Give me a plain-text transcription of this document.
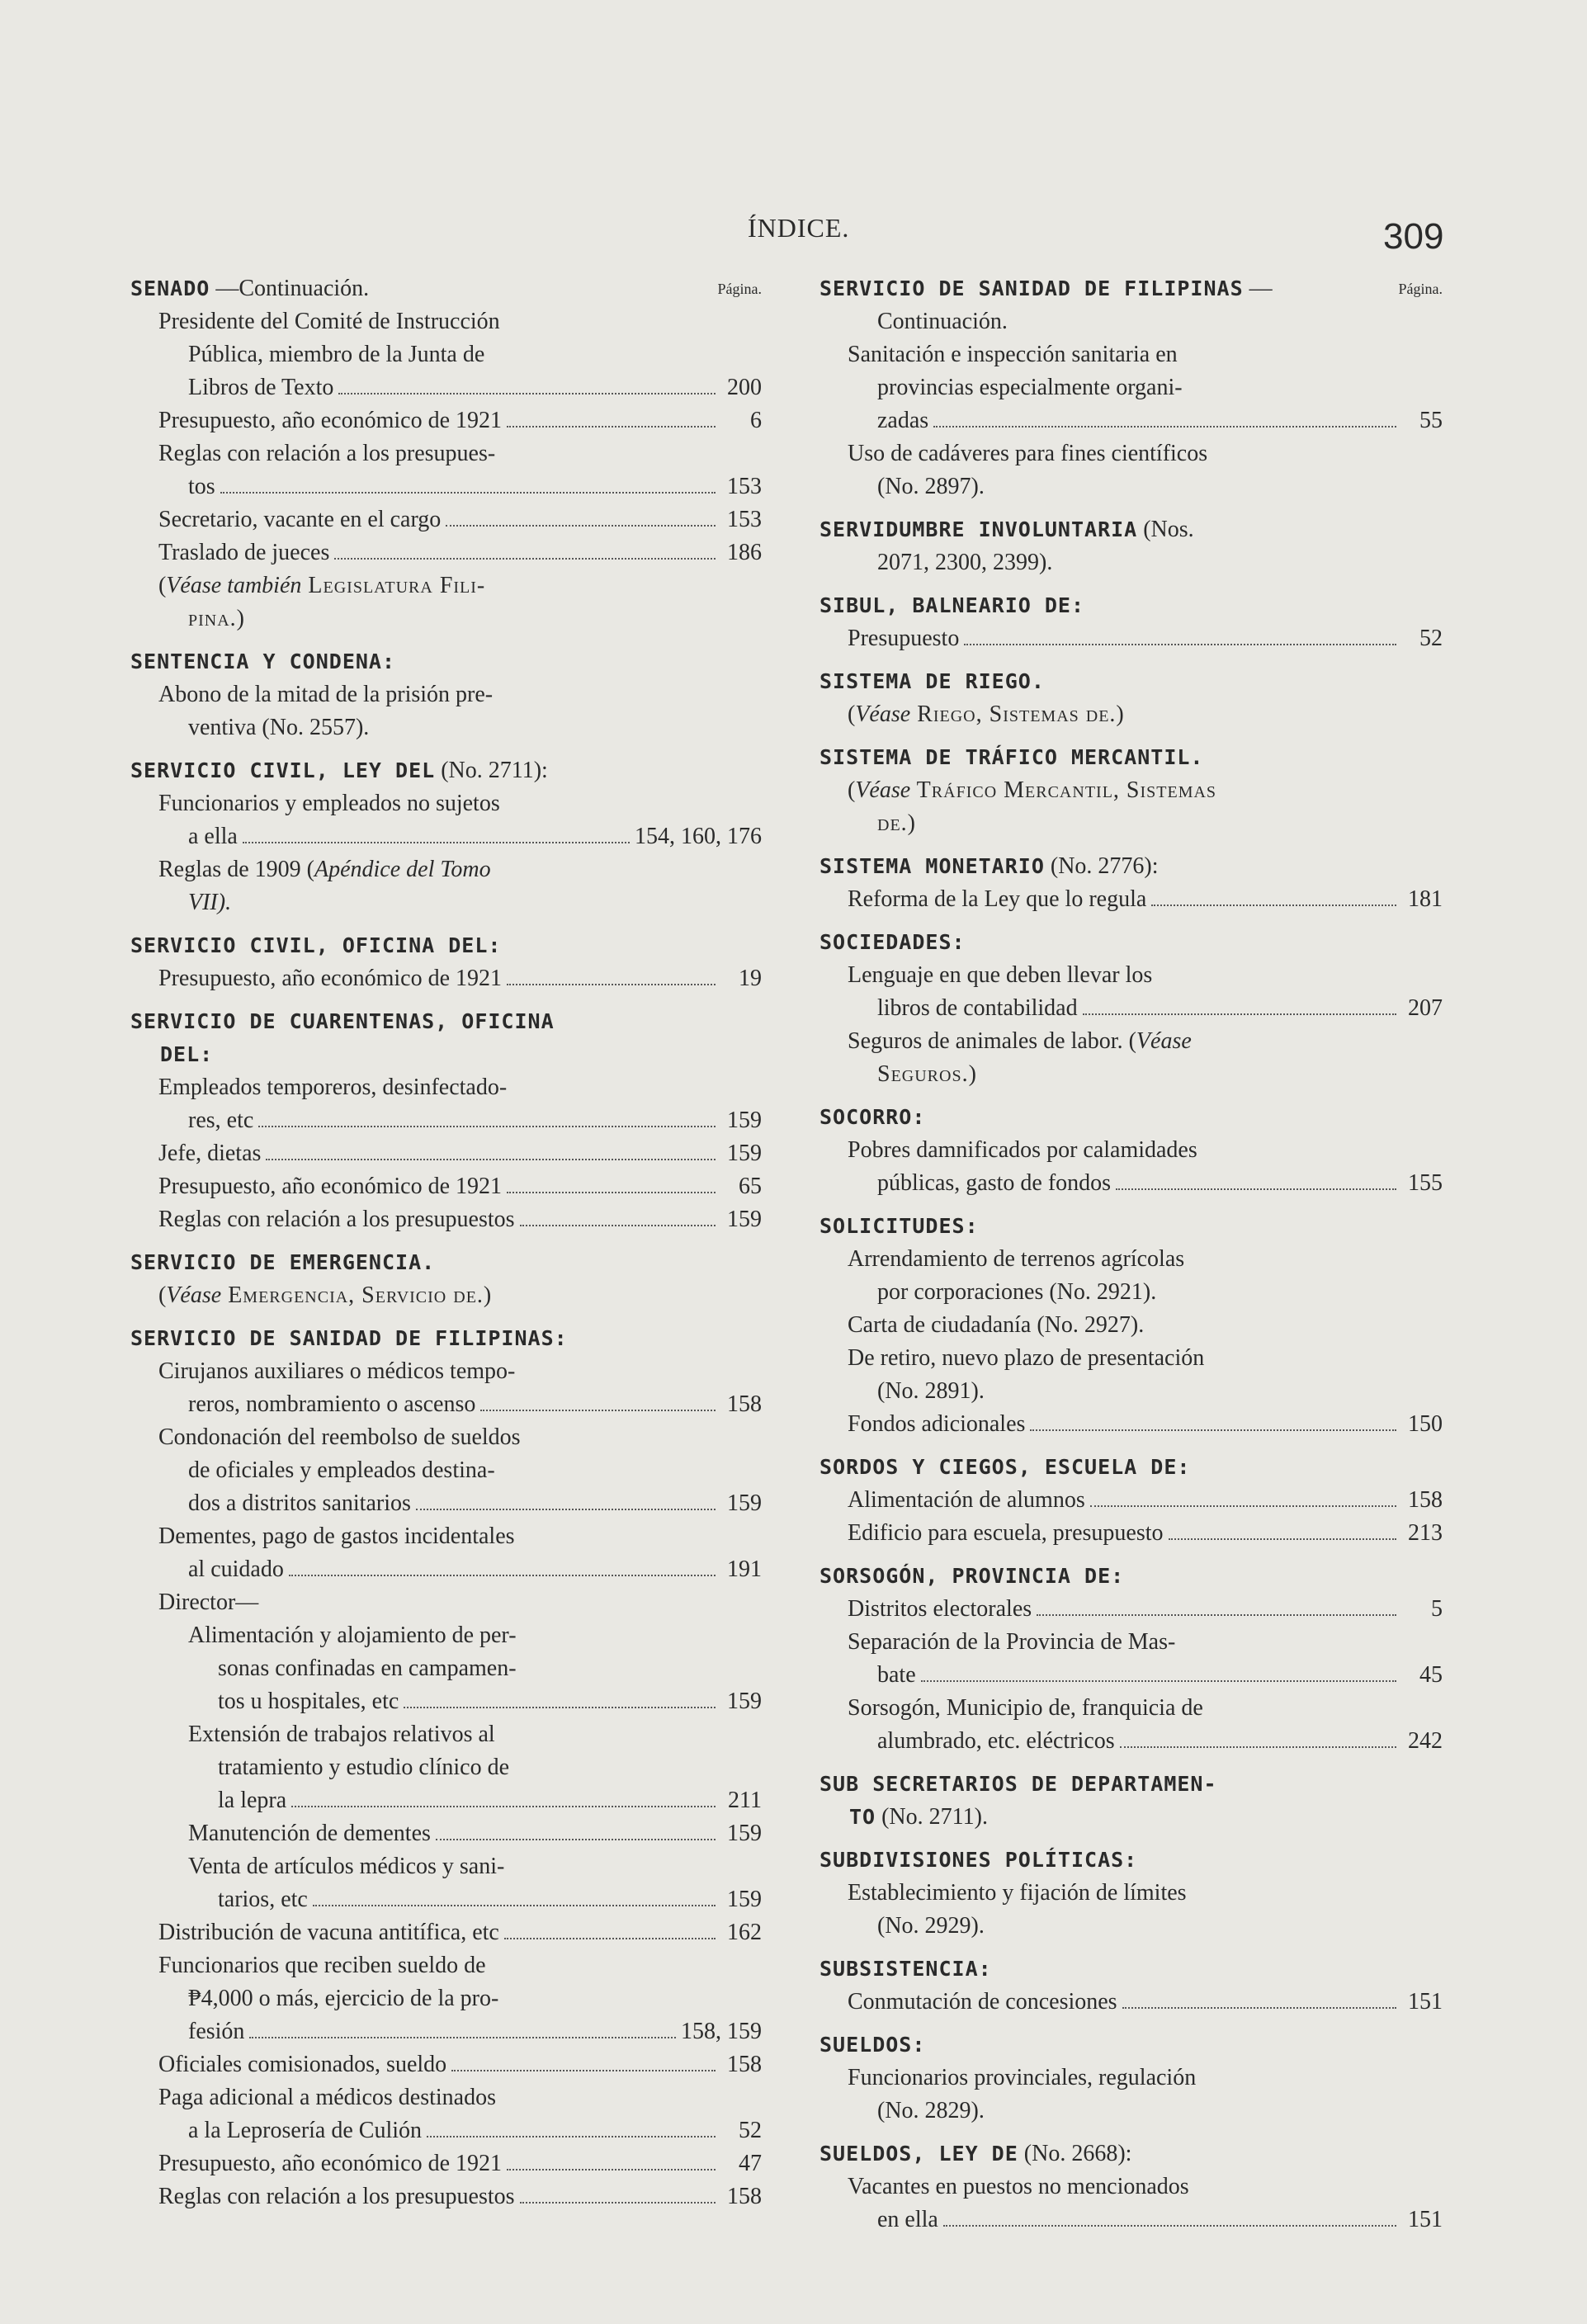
ÍNDICE.	309
SENADO —Continuación.	Página.
Presidente del Comité de Instrucción
Pública, miembro de la Junta de
Libros de Texto	200
Presupuesto, año económico de 1921	6
Reglas con relación a los presupues-
tos	153
Secretario, vacante en el cargo	153
Traslado de jueces	186
(Véase también Legislatura Fili-
pina.)
SENTENCIA Y CONDENA:
Abono de la mitad de la prisión pre-
ventiva (No. 2557).
SERVICIO CIVIL, LEY DEL (No. 2711):
Funcionarios y empleados no sujetos
a ella	154, 160, 176
Reglas de 1909 (Apéndice del Tomo
VII).
SERVICIO CIVIL, OFICINA DEL:
Presupuesto, año económico de 1921	19
SERVICIO DE CUARENTENAS, OFICINA
DEL:
Empleados temporeros, desinfectado-
res, etc	159
Jefe, dietas	159
Presupuesto, año económico de 1921	65
Reglas con relación a los presupuestos	159
SERVICIO DE EMERGENCIA.
(Véase Emergencia, Servicio de.)
SERVICIO DE SANIDAD DE FILIPINAS:
Cirujanos auxiliares o médicos tempo-
reros, nombramiento o ascenso	158
Condonación del reembolso de sueldos
de oficiales y empleados destina-
dos a distritos sanitarios	159
Dementes, pago de gastos incidentales
al cuidado	191
Director—
Alimentación y alojamiento de per-
sonas confinadas en campamen-
tos u hospitales, etc	159
Extensión de trabajos relativos al
tratamiento y estudio clínico de
la lepra	211
Manutención de dementes	159
Venta de artículos médicos y sani-
tarios, etc	159
Distribución de vacuna antitífica, etc	162
Funcionarios que reciben sueldo de
₱4,000 o más, ejercicio de la pro-
fesión	158, 159
Oficiales comisionados, sueldo	158
Paga adicional a médicos destinados
a la Leprosería de Culión	52
Presupuesto, año económico de 1921	47
Reglas con relación a los presupuestos	158
SERVICIO DE SANIDAD DE FILIPINAS —	Página.
Continuación.
Sanitación e inspección sanitaria en
provincias especialmente organi-
zadas	55
Uso de cadáveres para fines científicos
(No. 2897).
SERVIDUMBRE INVOLUNTARIA (Nos.
2071, 2300, 2399).
SIBUL, BALNEARIO DE:
Presupuesto	52
SISTEMA DE RIEGO.
(Véase Riego, Sistemas de.)
SISTEMA DE TRÁFICO MERCANTIL.
(Véase Tráfico Mercantil, Sistemas
de.)
SISTEMA MONETARIO (No. 2776):
Reforma de la Ley que lo regula	181
SOCIEDADES:
Lenguaje en que deben llevar los
libros de contabilidad	207
Seguros de animales de labor. (Véase
Seguros.)
SOCORRO:
Pobres damnificados por calamidades
públicas, gasto de fondos	155
SOLICITUDES:
Arrendamiento de terrenos agrícolas
por corporaciones (No. 2921).
Carta de ciudadanía (No. 2927).
De retiro, nuevo plazo de presentación
(No. 2891).
Fondos adicionales	150
SORDOS Y CIEGOS, ESCUELA DE:
Alimentación de alumnos	158
Edificio para escuela, presupuesto	213
SORSOGÓN, PROVINCIA DE:
Distritos electorales	5
Separación de la Provincia de Mas-
bate	45
Sorsogón, Municipio de, franquicia de
alumbrado, etc. eléctricos	242
SUB SECRETARIOS DE DEPARTAMEN-
TO (No. 2711).
SUBDIVISIONES POLÍTICAS:
Establecimiento y fijación de límites
(No. 2929).
SUBSISTENCIA:
Conmutación de concesiones	151
SUELDOS:
Funcionarios provinciales, regulación
(No. 2829).
SUELDOS, LEY DE (No. 2668):
Vacantes en puestos no mencionados
en ella	151
